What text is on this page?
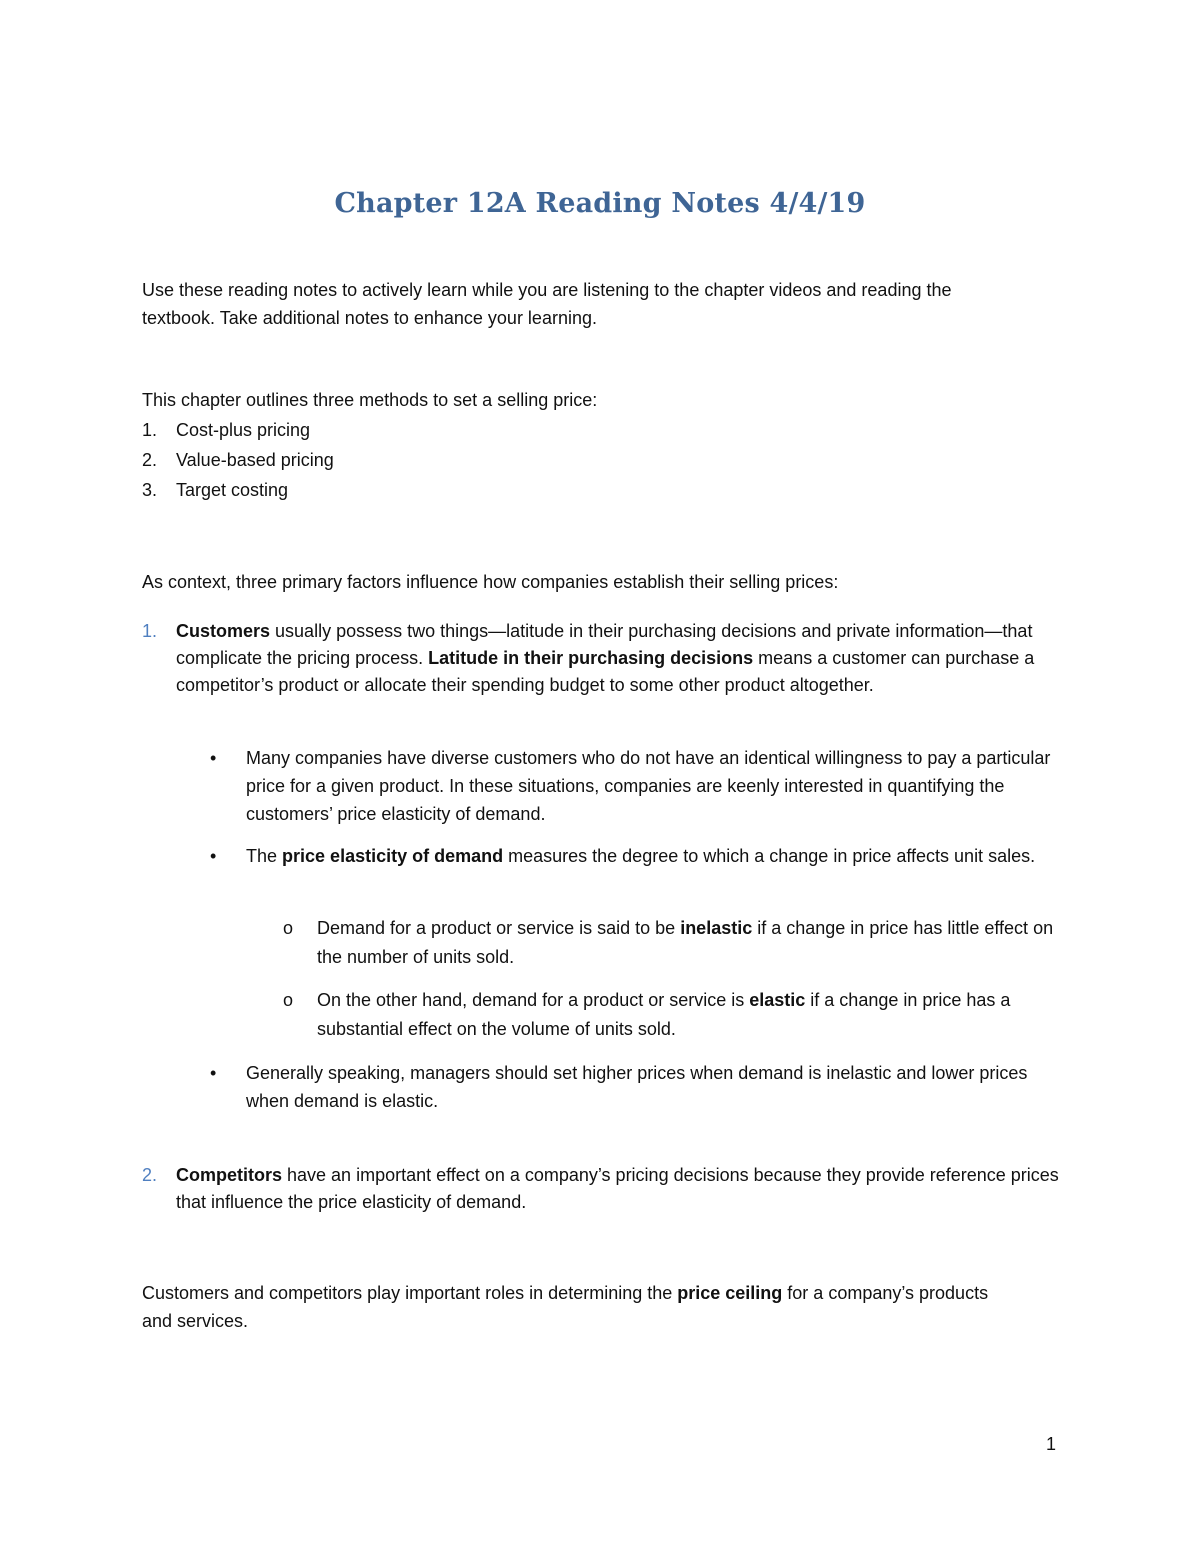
Chapter 12A Reading Notes 4/4/19

Use these reading notes to actively learn while you are listening to the chapter videos and reading the
textbook. Take additional notes to enhance your learning.

This chapter outlines three methods to set a selling price:

1.	Cost-plus pricing
2.	Value-based pricing
3.	Target costing

As context, three primary factors influence how companies establish their selling prices:

1. Customers usually possess two things—latitude in their purchasing decisions and private information—that complicate the pricing process. Latitude in their purchasing decisions means a customer can purchase a competitor’s product or allocate their spending budget to some other product altogether.
• Many companies have diverse customers who do not have an identical willingness to pay a particular price for a given product. In these situations, companies are keenly interested in quantifying the customers’ price elasticity of demand.
• The price elasticity of demand measures the degree to which a change in price affects unit sales.
o Demand for a product or service is said to be inelastic if a change in price has little effect on the number of units sold.
o On the other hand, demand for a product or service is elastic if a change in price has a substantial effect on the volume of units sold.
• Generally speaking, managers should set higher prices when demand is inelastic and lower prices when demand is elastic.
2. Competitors have an important effect on a company’s pricing decisions because they provide reference prices that influence the price elasticity of demand.

Customers and competitors play important roles in determining the price ceiling for a company’s products and services.

1
